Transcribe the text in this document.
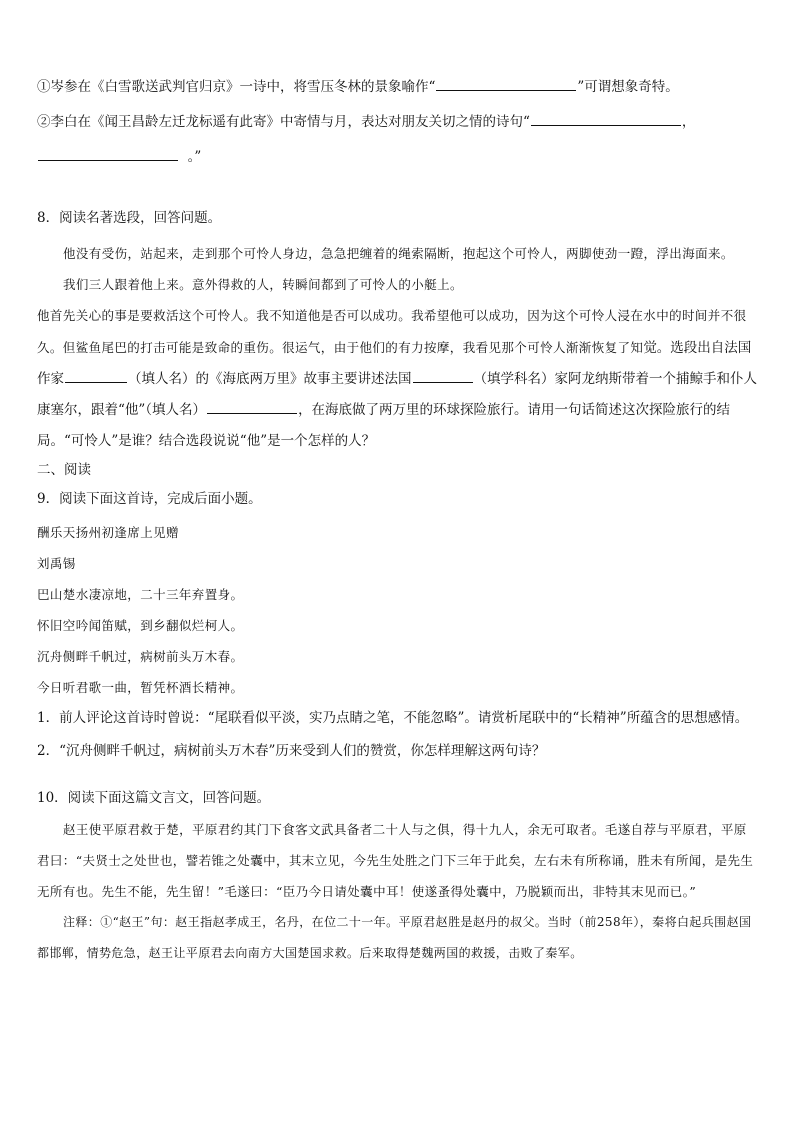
①岑参在《白雪歌送武判官归京》一诗中，将雪压冬林的景象喻作“	”可谓想象奇特。

②李白在《闻王昌龄左迁龙标遥有此寄》中寄情与月，表达对朋友关切之情的诗句“	，

。”

8．阅读名著选段，回答问题。

他没有受伤，站起来，走到那个可怜人身边，急急把缠着的绳索隔断，抱起这个可怜人，两脚使劲一蹬，浮出海面来。

我们三人跟着他上来。意外得救的人，转瞬间都到了可怜人的小艇上。

他首先关心的事是要救活这个可怜人。我不知道他是否可以成功。我希望他可以成功，因为这个可怜人浸在水中的时间并不很久。但鲨鱼尾巴的打击可能是致命的重伤。很运气，由于他们的有力按摩，我看见那个可怜人渐渐恢复了知觉。选段出自法国作家	（填人名）的《海底两万里》故事主要讲述法国	（填学科名）家阿龙纳斯带着一个捕鲸手和仆人康塞尔，跟着“他”（填人名）	，在海底做了两万里的环球探险旅行。请用一句话简述这次探险旅行的结局。“可怜人”是谁？结合选段说说“他”是一个怎样的人？

二、阅读

9．阅读下面这首诗，完成后面小题。

酬乐天扬州初逢席上见赠

刘禹锡

巴山楚水凄凉地，二十三年弃置身。

怀旧空吟闻笛赋，到乡翻似烂柯人。

沉舟侧畔千帆过，病树前头万木春。

今日听君歌一曲，暂凭杯酒长精神。

1．前人评论这首诗时曾说：“尾联看似平淡，实乃点睛之笔，不能忽略”。请赏析尾联中的“长精神”所蕴含的思想感情。

2．“沉舟侧畔千帆过，病树前头万木春”历来受到人们的赞赏，你怎样理解这两句诗？

10．阅读下面这篇文言文，回答问题。

赵王使平原君救于楚，平原君约其门下食客文武具备者二十人与之俱，得十九人，余无可取者。毛遂自荐与平原君，平原君曰：“夫贤士之处世也，譬若锥之处囊中，其末立见，今先生处胜之门下三年于此矣，左右未有所称诵，胜未有所闻，是先生无所有也。先生不能，先生留！”毛遂曰：“臣乃今日请处囊中耳！使遂蚤得处囊中，乃脱颖而出，非特其末见而已。”

注释：①“赵王”句：赵王指赵孝成王，名丹，在位二十一年。平原君赵胜是赵丹的叔父。当时（前258年），秦将白起兵围赵国都邯郸，情势危急，赵王让平原君去向南方大国楚国求救。后来取得楚魏两国的救援，击败了秦军。
